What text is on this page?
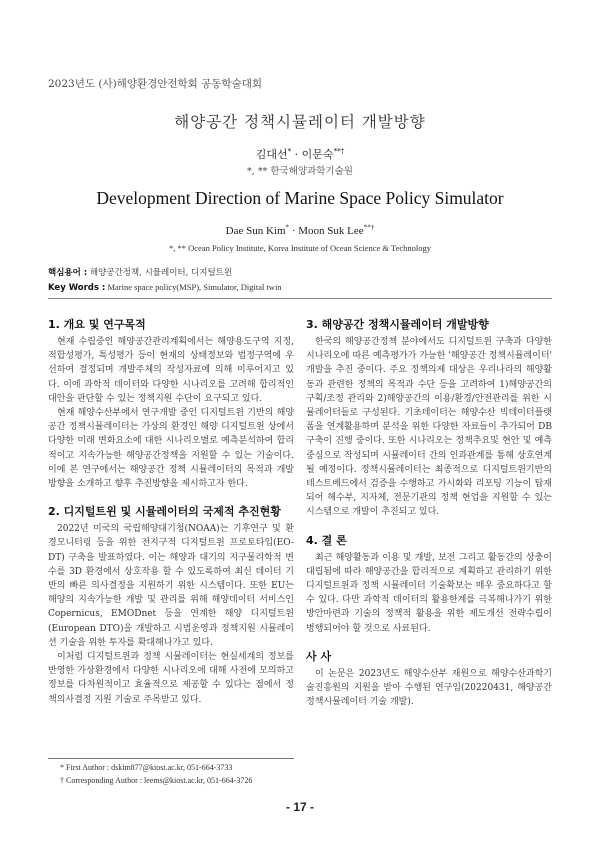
2023년도 (사)해양환경안전학회 공동학술대회
해양공간 정책시뮬레이터 개발방향
김대선* · 이문숙**†
*, ** 한국해양과학기술원
Development Direction of Marine Space Policy Simulator
Dae Sun Kim* · Moon Suk Lee**†
*, ** Ocean Policy Institute, Korea Institute of Ocean Science & Technology
핵심용어 : 해양공간정책, 시뮬레이터, 디지털트윈
Key Words : Marine space policy(MSP), Simulator, Digital twin
1. 개요 및 연구목적

현재 수립중인 해양공간관리계획에서는 해양용도구역 지정, 적합성평가, 특성평가 등이 현재의 상태정보와 법정구역에 우선하여 결정되며 개발주체의 작성자료에 의해 이루어지고 있다. 이에 과학적 데이터와 다양한 시나리오를 고려해 합리적인 대안을 판단할 수 있는 정책지원 수단이 요구되고 있다.

현재 해양수산부에서 연구개발 중인 디지털트윈 기반의 해양공간 정책시뮬레이터는 가상의 환경인 해양 디지털트윈 상에서 다양한 미래 변화요소에 대한 시나리오별로 예측분석하여 합리적이고 지속가능한 해양공간정책을 지원할 수 있는 기술이다. 이에 본 연구에서는 해양공간 정책 시뮬레이터의 목적과 개발방향을 소개하고 향후 추진방향을 제시하고자 한다.

2. 디지털트윈 및 시뮬레이터의 국제적 추진현황

2022년 미국의 국립해양대기청(NOAA)는 기후연구 및 환경모니터링 등을 위한 전지구적 디지털트윈 프로토타입(EO-DT) 구축을 발표하였다. 이는 해양과 대기의 지구물리학적 변수를 3D 환경에서 상호작용 할 수 있도록하여 최신 데이터 기반의 빠른 의사결정을 지원하기 위한 시스템이다. 또한 EU는 해양의 지속가능한 개발 및 관리를 위해 해양데이터 서비스인 Copernicus, EMODnet 등을 연계한 해양 디지털트윈(European DTO)을 개발하고 시범운영과 정책지원 시뮬레이션 기술을 위한 투자를 확대해나가고 있다.

이처럼 디지털트윈과 정책 시뮬레이터는 현실세계의 정보를 반영한 가상환경에서 다양한 시나리오에 대해 사전에 모의하고 정보를 다차원적이고 효율적으로 제공할 수 있다는 점에서 정책의사결정 지원 기술로 주목받고 있다.

3. 해양공간 정책시뮬레이터 개발방향

한국의 해양공간정책 분야에서도 디지털트윈 구축과 다양한 시나리오에 따른 예측평가가 가능한 '해양공간 정책시뮬레이터' 개발을 추진 중이다. 주요 정책의제 대상은 우리나라의 해양활동과 관련한 정책의 목적과 수단 등을 고려하여 1)해양공간의 구획/조정 관리와 2)해양공간의 이용/환경/안전관리를 위한 시뮬레이터들로 구성된다. 기초데이터는 해양수산 빅데이터플랫폼을 연계활용하며 분석을 위한 다양한 자료들이 추가되어 DB구축이 진행 중이다. 또한 시나리오는 정책추요및 현안 및 예측중심으로 작성되며 시뮬레이터 간의 인과관계를 통해 상호연계될 예정이다. 정책시뮬레이터는 최종적으로 디지털트윈기반의 테스트베드에서 검증을 수행하고 가시화와 리포팅 기능이 탑재되어 해수부, 지자체, 전문기관의 정책 현업을 지원할 수 있는 시스템으로 개발이 추진되고 있다.

4. 결 론

최근 해양활동과 이용 및 개발, 보전 그리고 활동간의 상충이 대립됨에 따라 해양공간을 합리적으로 계획하고 관리하기 위한 디지털트윈과 정책 시뮬레이터 기술확보는 매우 중요하다고 할 수 있다. 다만 과학적 데이터의 활용한계를 극복해나가기 위한 방안마련과 기술의 정책적 활용을 위한 제도개선 전략수립이 병행되어야 할 것으로 사료된다.

사 사

이 논문은 2023년도 해양수산부 재원으로 해양수산과학기술진흥원의 지원을 받아 수행된 연구임(20220431, 해양공간 정책시뮬레이터 기술 개발).

* First Author : dskim877@kiost.ac.kr, 051-664-3733
† Corresponding Author : leems@kiost.ac.kr, 051-664-3726
- 17 -
